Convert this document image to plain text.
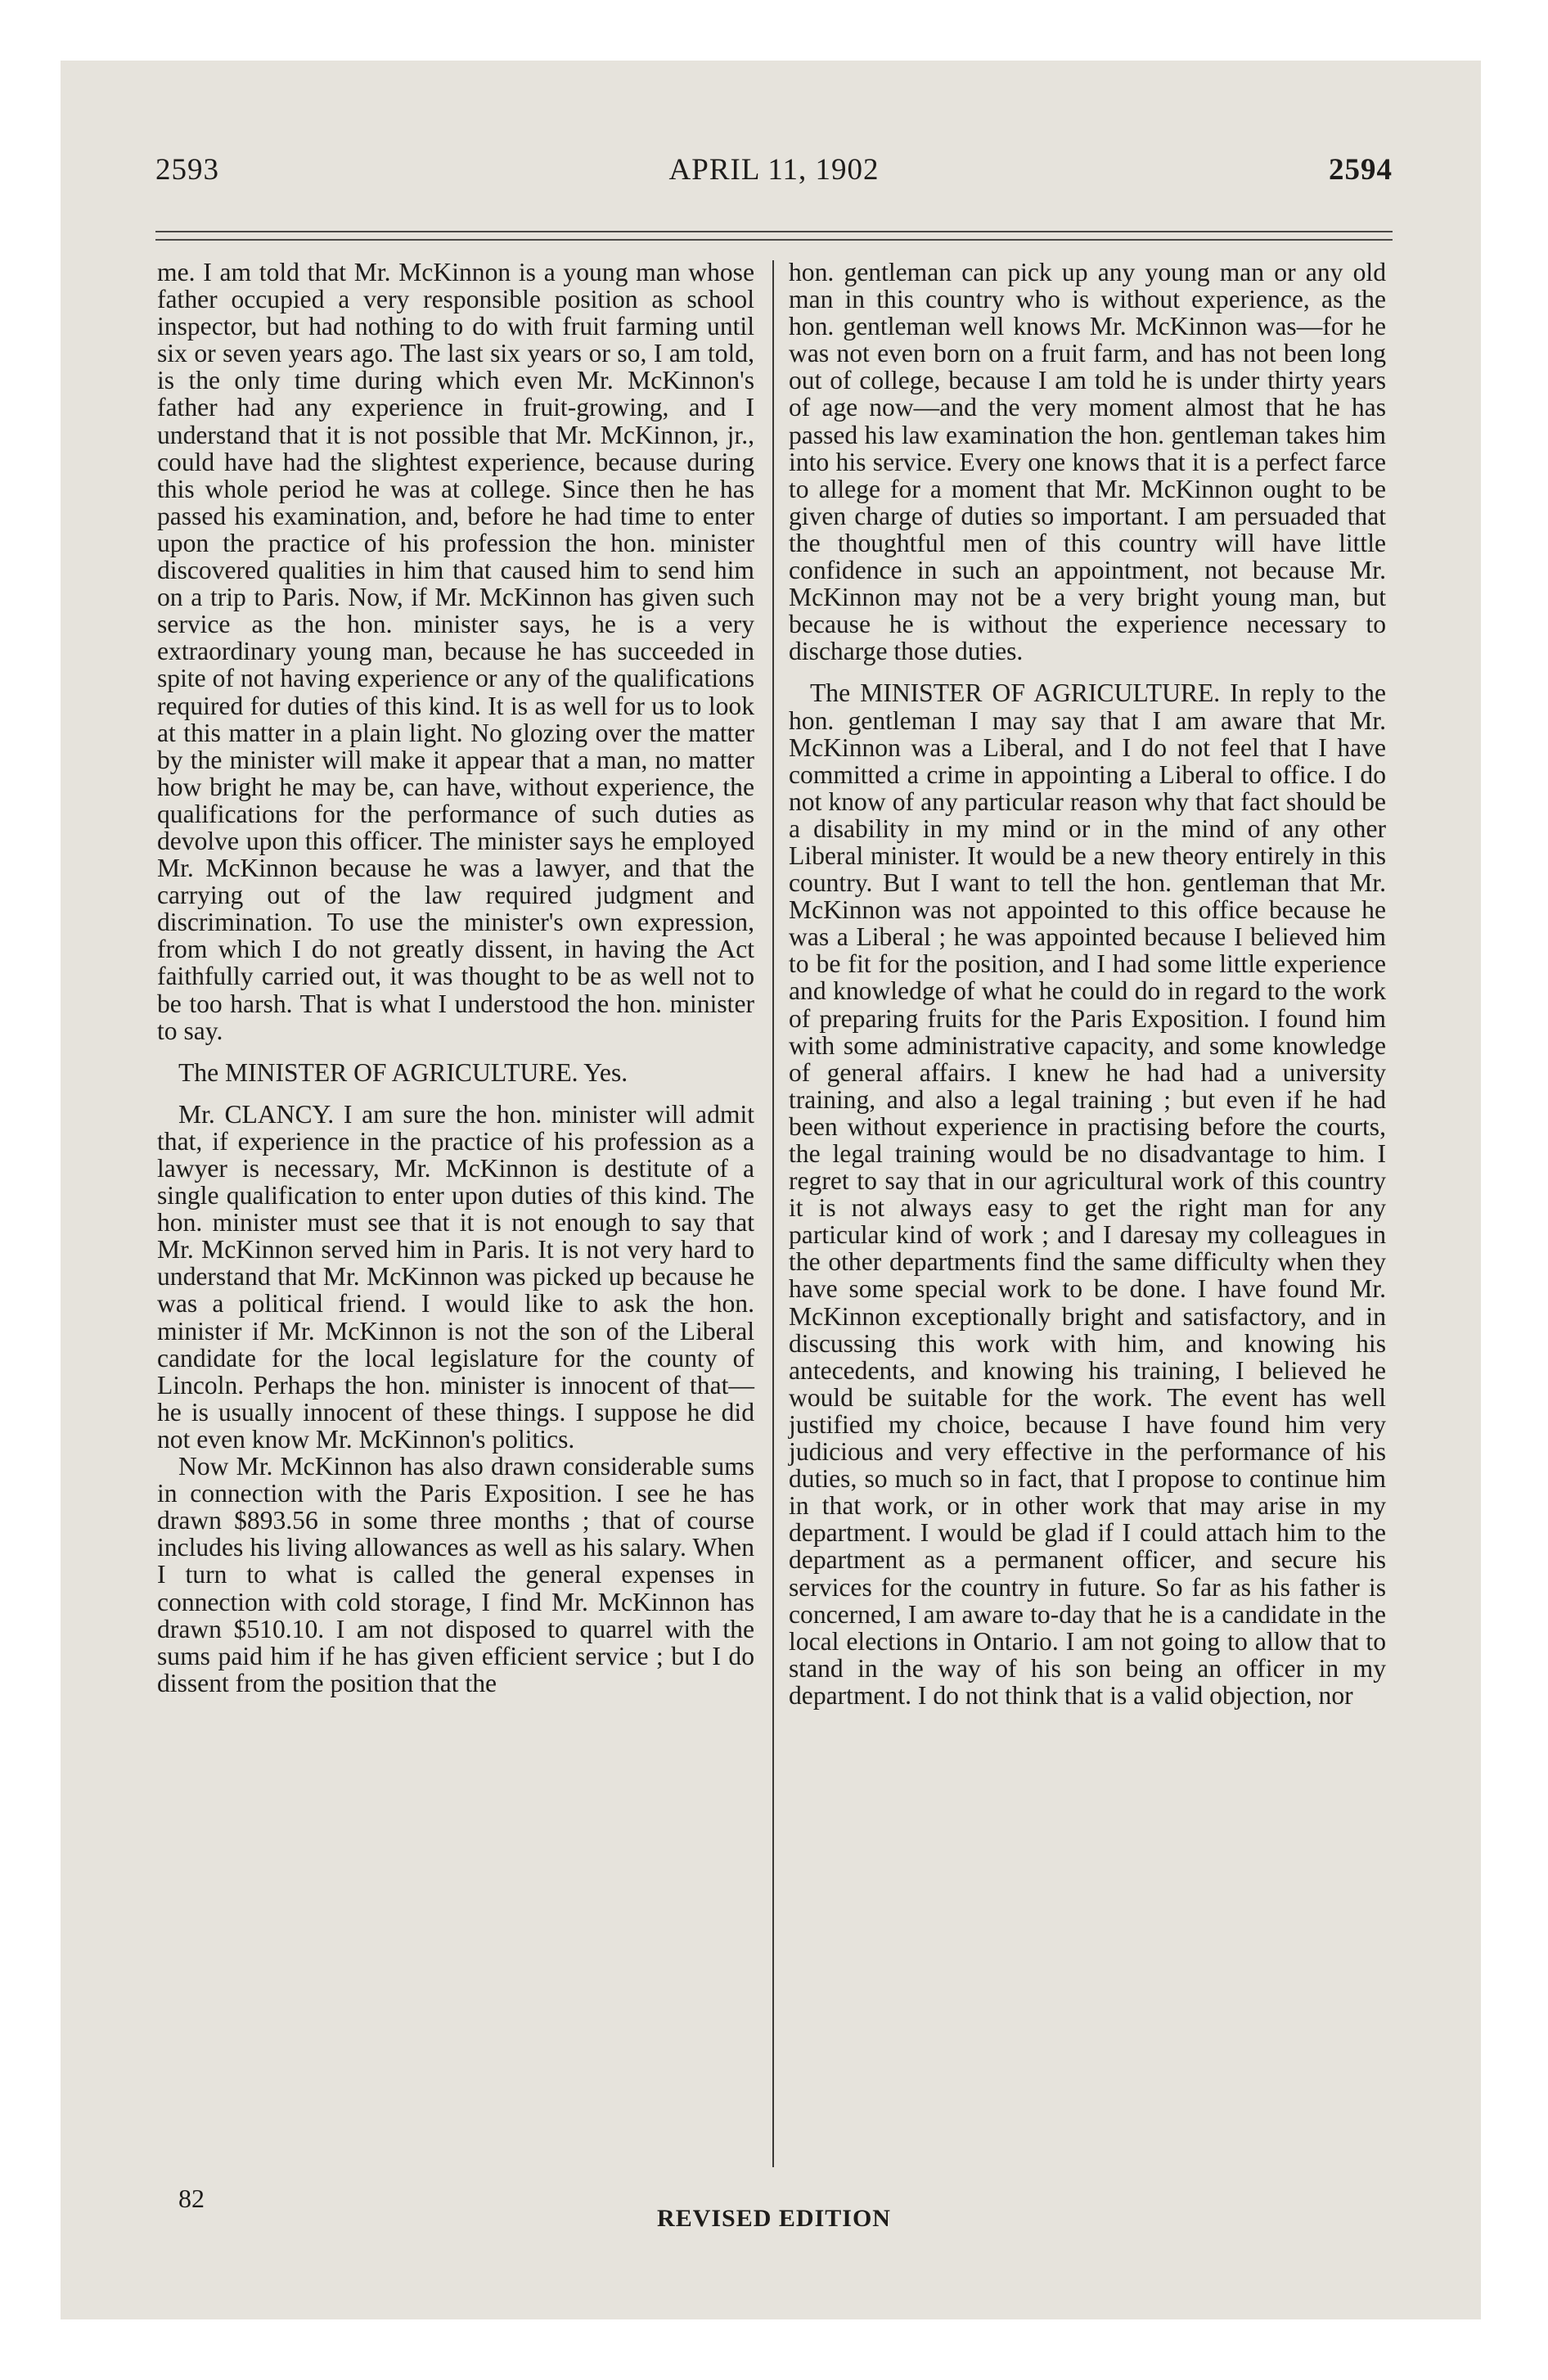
2593	APRIL 11, 1902	2594

me. I am told that Mr. McKinnon is a young man whose father occupied a very responsible position as school inspector, but had nothing to do with fruit farming until six or seven years ago. The last six years or so, I am told, is the only time during which even Mr. McKinnon's father had any experience in fruit-growing, and I understand that it is not possible that Mr. McKinnon, jr., could have had the slightest experience, because during this whole period he was at college. Since then he has passed his examination, and, before he had time to enter upon the practice of his profession the hon. minister discovered qualities in him that caused him to send him on a trip to Paris. Now, if Mr. McKinnon has given such service as the hon. minister says, he is a very extraordinary young man, because he has succeeded in spite of not having experience or any of the qualifications required for duties of this kind. It is as well for us to look at this matter in a plain light. No glozing over the matter by the minister will make it appear that a man, no matter how bright he may be, can have, without experience, the qualifications for the performance of such duties as devolve upon this officer. The minister says he employed Mr. McKinnon because he was a lawyer, and that the carrying out of the law required judgment and discrimination. To use the minister's own expression, from which I do not greatly dissent, in having the Act faithfully carried out, it was thought to be as well not to be too harsh. That is what I understood the hon. minister to say.

The MINISTER OF AGRICULTURE. Yes.

Mr. CLANCY. I am sure the hon. minister will admit that, if experience in the practice of his profession as a lawyer is necessary, Mr. McKinnon is destitute of a single qualification to enter upon duties of this kind. The hon. minister must see that it is not enough to say that Mr. McKinnon served him in Paris. It is not very hard to understand that Mr. McKinnon was picked up because he was a political friend. I would like to ask the hon. minister if Mr. McKinnon is not the son of the Liberal candidate for the local legislature for the county of Lincoln. Perhaps the hon. minister is innocent of that—he is usually innocent of these things. I suppose he did not even know Mr. McKinnon's politics.

Now Mr. McKinnon has also drawn considerable sums in connection with the Paris Exposition. I see he has drawn $893.56 in some three months ; that of course includes his living allowances as well as his salary. When I turn to what is called the general expenses in connection with cold storage, I find Mr. McKinnon has drawn $510.10. I am not disposed to quarrel with the sums paid him if he has given efficient service ; but I do dissent from the position that the

hon. gentleman can pick up any young man or any old man in this country who is without experience, as the hon. gentleman well knows Mr. McKinnon was—for he was not even born on a fruit farm, and has not been long out of college, because I am told he is under thirty years of age now—and the very moment almost that he has passed his law examination the hon. gentleman takes him into his service. Every one knows that it is a perfect farce to allege for a moment that Mr. McKinnon ought to be given charge of duties so important. I am persuaded that the thoughtful men of this country will have little confidence in such an appointment, not because Mr. McKinnon may not be a very bright young man, but because he is without the experience necessary to discharge those duties.

The MINISTER OF AGRICULTURE. In reply to the hon. gentleman I may say that I am aware that Mr. McKinnon was a Liberal, and I do not feel that I have committed a crime in appointing a Liberal to office. I do not know of any particular reason why that fact should be a disability in my mind or in the mind of any other Liberal minister. It would be a new theory entirely in this country. But I want to tell the hon. gentleman that Mr. McKinnon was not appointed to this office because he was a Liberal ; he was appointed because I believed him to be fit for the position, and I had some little experience and knowledge of what he could do in regard to the work of preparing fruits for the Paris Exposition. I found him with some administrative capacity, and some knowledge of general affairs. I knew he had had a university training, and also a legal training ; but even if he had been without experience in practising before the courts, the legal training would be no disadvantage to him. I regret to say that in our agricultural work of this country it is not always easy to get the right man for any particular kind of work ; and I daresay my colleagues in the other departments find the same difficulty when they have some special work to be done. I have found Mr. McKinnon exceptionally bright and satisfactory, and in discussing this work with him, and knowing his antecedents, and knowing his training, I believed he would be suitable for the work. The event has well justified my choice, because I have found him very judicious and very effective in the performance of his duties, so much so in fact, that I propose to continue him in that work, or in other work that may arise in my department. I would be glad if I could attach him to the department as a permanent officer, and secure his services for the country in future. So far as his father is concerned, I am aware to-day that he is a candidate in the local elections in Ontario. I am not going to allow that to stand in the way of his son being an officer in my department. I do not think that is a valid objection, nor

82
REVISED EDITION
